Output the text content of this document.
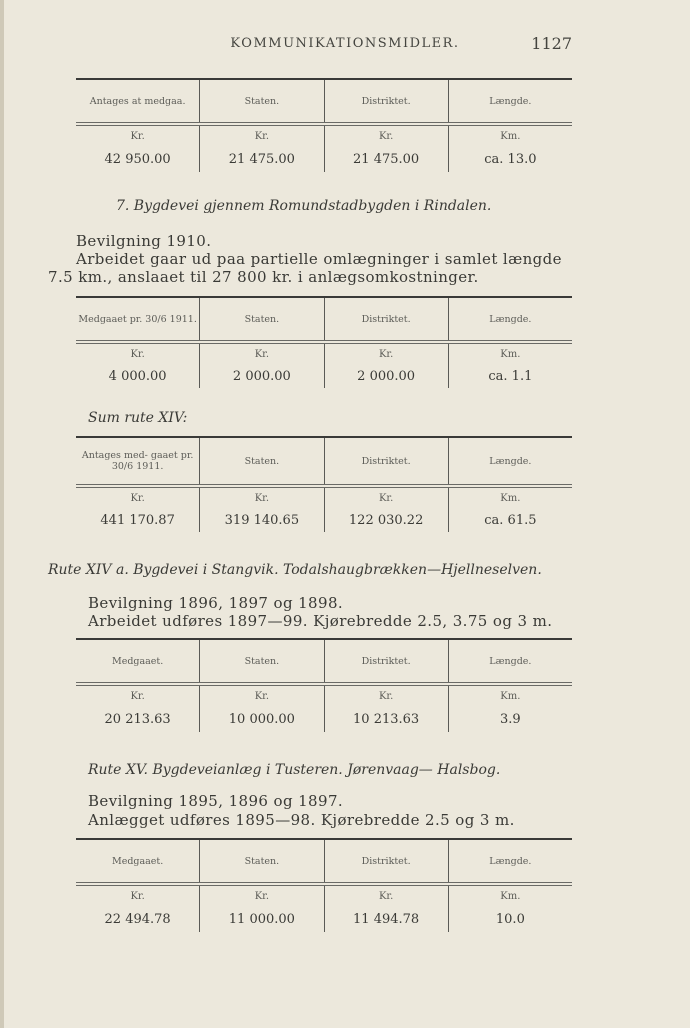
KOMMUNIKATIONSMIDLER.	1127
Antages at medgaa.	Staten.	Distriktet.	Længde.
Kr.	Kr.	Kr.	Km.
42 950.00	21 475.00	21 475.00	ca. 13.0
7. Bygdevei gjennem Romundstadbygden i Rindalen.
Bevilgning 1910.
Arbeidet gaar ud paa partielle omlægninger i samlet længde
7.5 km., anslaaet til 27 800 kr. i anlægsomkostninger.
Medgaaet pr. 30/6 1911.	Staten.	Distriktet.	Længde.
Kr.	Kr.	Kr.	Km.
4 000.00	2 000.00	2 000.00	ca. 1.1
Sum rute XIV:
Antages med- gaaet pr. 30/6 1911.	Staten.	Distriktet.	Længde.
Kr.	Kr.	Kr.	Km.
441 170.87	319 140.65	122 030.22	ca. 61.5
Rute XIV a. Bygdevei i Stangvik. Todalshaugbrækken—Hjellneselven.
Bevilgning 1896, 1897 og 1898.
Arbeidet udføres 1897—99. Kjørebredde 2.5, 3.75 og 3 m.
Medgaaet.	Staten.	Distriktet.	Længde.
Kr.	Kr.	Kr.	Km.
20 213.63	10 000.00	10 213.63	3.9
Rute XV. Bygdeveianlæg i Tusteren. Jørenvaag— Halsbog.
Bevilgning 1895, 1896 og 1897.
Anlægget udføres 1895—98. Kjørebredde 2.5 og 3 m.
Medgaaet.	Staten.	Distriktet.	Længde.
Kr.	Kr.	Kr.	Km.
22 494.78	11 000.00	11 494.78	10.0
